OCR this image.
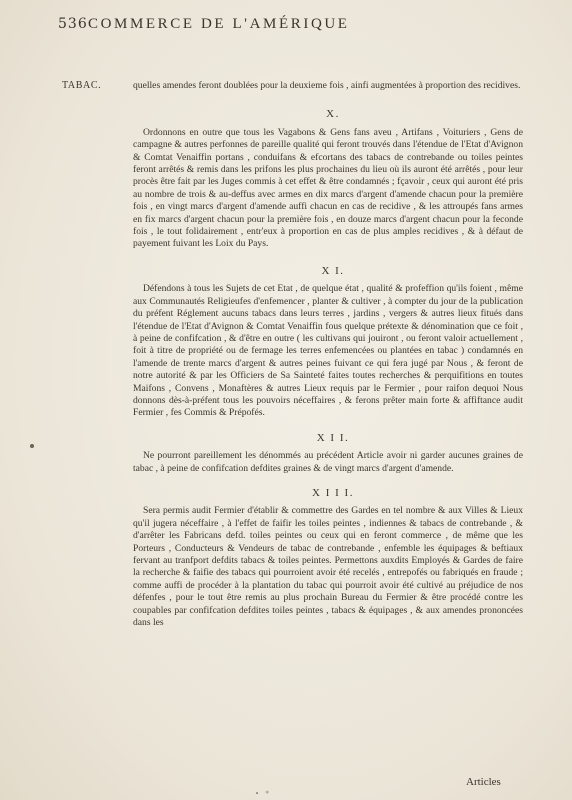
536 COMMERCE DE L'AMÉRIQUE
TABAC.	quelles amendes feront doublées pour la deuxieme fois , ainfi augmentées à proportion des recidives.

X.

Ordonnons en outre que tous les Vagabons & Gens fans aveu , Artifans , Voituriers , Gens de campagne & autres perfonnes de pareille qualité qui feront trouvés dans l'étendue de l'Etat d'Avignon & Comtat Venaiffin portans , conduifans & efcortans des tabacs de contrebande ou toiles peintes feront arrêtés & remis dans les prifons les plus prochaines du lieu où ils auront été arrêtés , pour leur procès être fait par les Juges commis à cet effet & être condamnés ; fçavoir , ceux qui auront été pris au nombre de trois & au-deffus avec armes en dix marcs d'argent d'amende chacun pour la première fois , en vingt marcs d'argent d'amende auffi chacun en cas de recidive , & les attroupés fans armes en fix marcs d'argent chacun pour la première fois , en douze marcs d'argent chacun pour la feconde fois , le tout folidairement , entr'eux à proportion en cas de plus amples recidives , & à défaut de payement fuivant les Loix du Pays.

X I.

Défendons à tous les Sujets de cet Etat , de quelque état , qualité & profeffion qu'ils foient , même aux Communautés Religieufes d'enfemencer , planter & cultiver , à compter du jour de la publication du préfent Réglement aucuns tabacs dans leurs terres , jardins , vergers & autres lieux fitués dans l'étendue de l'Etat d'Avignon & Comtat Venaiffin fous quelque prétexte & dénomination que ce foit , à peine de confifcation , & d'être en outre ( les cultivans qui jouiront , ou feront valoir actuellement , foit à titre de propriété ou de fermage les terres enfemencées ou plantées en tabac ) condamnés en l'amende de trente marcs d'argent & autres peines fuivant ce qui fera jugé par Nous , & feront de notre autorité & par les Officiers de Sa Sainteté faites toutes recherches & perquifitions en toutes Maifons , Convens , Monaftères & autres Lieux requis par le Fermier , pour raifon dequoi Nous donnons dès-à-préfent tous les pouvoirs néceffaires , & ferons prêter main forte & affiftance audit Fermier , fes Commis & Prépofés.

X I I.

Ne pourront pareillement les dénommés au précédent Article avoir ni garder aucunes graines de tabac , à peine de confifcation defdites graines & de vingt marcs d'argent d'amende.

X I I I.

Sera permis audit Fermier d'établir & commettre des Gardes en tel nombre & aux Villes & Lieux qu'il jugera néceffaire , à l'effet de faifir les toiles peintes , indiennes & tabacs de contrebande , & d'arrêter les Fabricans defd. toiles peintes ou ceux qui en feront commerce , de même que les Porteurs , Conducteurs & Vendeurs de tabac de contrebande , enfemble les équipages & beftiaux fervant au tranfport defdits tabacs & toiles peintes. Permettons auxdits Employés & Gardes de faire la recherche & faifie des tabacs qui pourroient avoir été recelés , entrepofés ou fabriqués en fraude ; comme auffi de procéder à la plantation du tabac qui pourroit avoir été cultivé au préjudice de nos défenfes , pour le tout être remis au plus prochain Bureau du Fermier & être procédé contre les coupables par confifcation defdites toiles peintes , tabacs & équipages , & aux amendes prononcées dans les

Articles
• *
